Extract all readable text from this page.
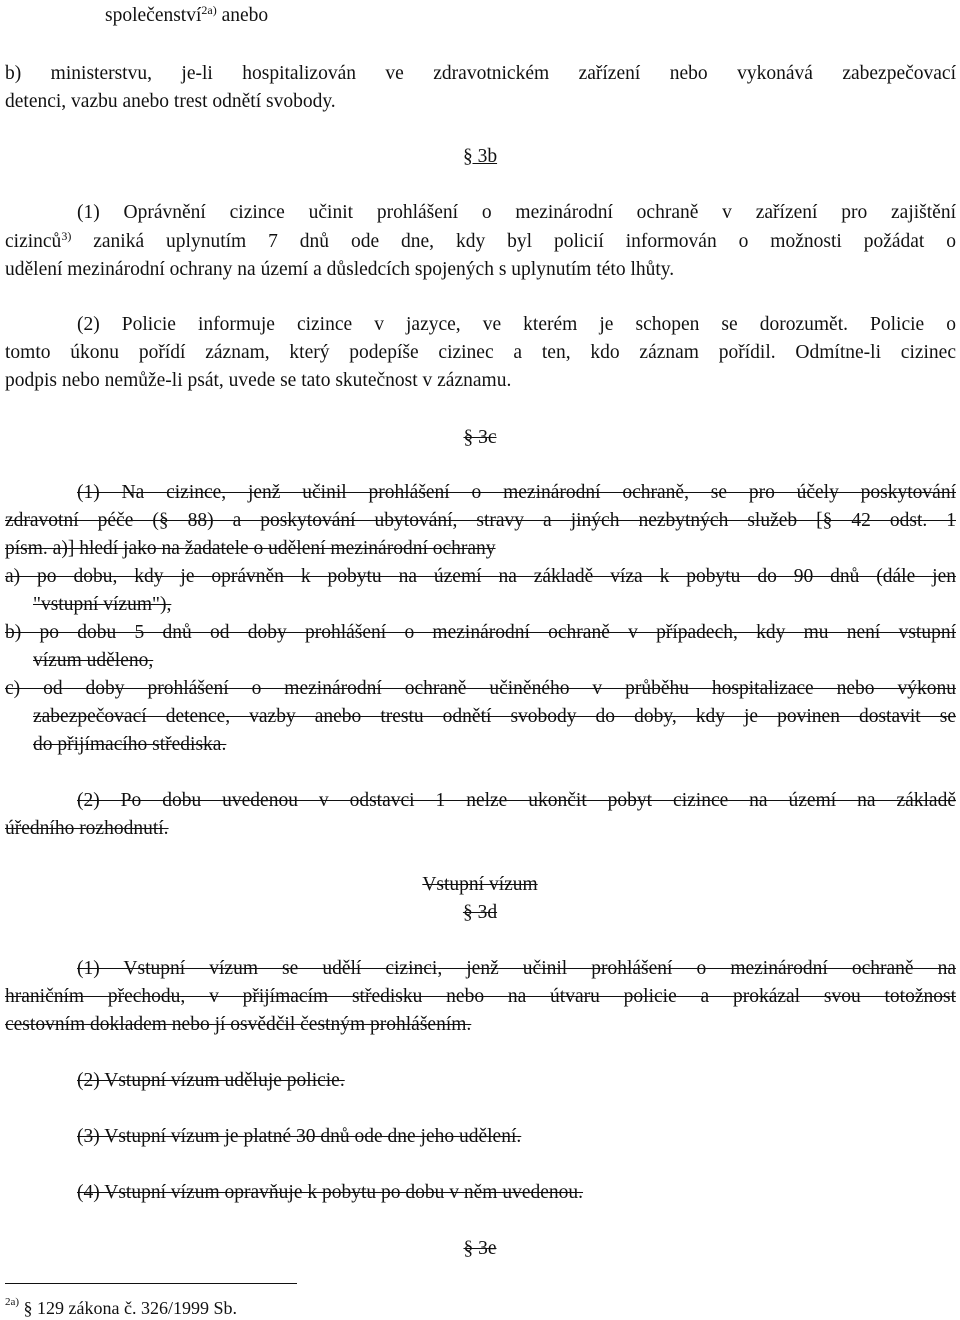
společenství$^{2a)}$ anebo
b) ministerstvu, je-li hospitalizován ve zdravotnickém zařízení nebo vykonává zabezpečovací
detenci, vazbu anebo trest odnětí svobody.
§ 3b
(1) Oprávnění cizince učinit prohlášení o mezinárodní ochraně v zařízení pro zajištění
cizinců$^{3)}$ zaniká uplynutím 7 dnů ode dne, kdy byl policií informován o možnosti požádat o
udělení mezinárodní ochrany na území a důsledcích spojených s uplynutím této lhůty.
(2) Policie informuje cizince v jazyce, ve kterém je schopen se dorozumět. Policie o
tomto úkonu pořídí záznam, který podepíše cizinec a ten, kdo záznam pořídil. Odmítne-li cizinec
podpis nebo nemůže-li psát, uvede se tato skutečnost v záznamu.
§ 3c
(1) Na cizince, jenž učinil prohlášení o mezinárodní ochraně, se pro účely poskytování
zdravotní péče (§ 88) a poskytování ubytování, stravy a jiných nezbytných služeb [§ 42 odst. 1
písm. a)] hledí jako na žadatele o udělení mezinárodní ochrany
a) po dobu, kdy je oprávněn k pobytu na území na základě víza k pobytu do 90 dnů (dále jen
"vstupní vízum"),
b) po dobu 5 dnů od doby prohlášení o mezinárodní ochraně v případech, kdy mu není vstupní
vízum uděleno,
c) od doby prohlášení o mezinárodní ochraně učiněného v průběhu hospitalizace nebo výkonu
zabezpečovací detence, vazby anebo trestu odnětí svobody do doby, kdy je povinen dostavit se
do přijímacího střediska.
(2) Po dobu uvedenou v odstavci 1 nelze ukončit pobyt cizince na území na základě
úředního rozhodnutí.
Vstupní vízum
§ 3d
(1) Vstupní vízum se udělí cizinci, jenž učinil prohlášení o mezinárodní ochraně na
hraničním přechodu, v přijímacím středisku nebo na útvaru policie a prokázal svou totožnost
cestovním dokladem nebo jí osvědčil čestným prohlášením.
(2) Vstupní vízum uděluje policie.
(3) Vstupní vízum je platné 30 dnů ode dne jeho udělení.
(4) Vstupní vízum opravňuje k pobytu po dobu v něm uvedenou.
§ 3e
$^{2a)}$ § 129 zákona č. 326/1999 Sb.
